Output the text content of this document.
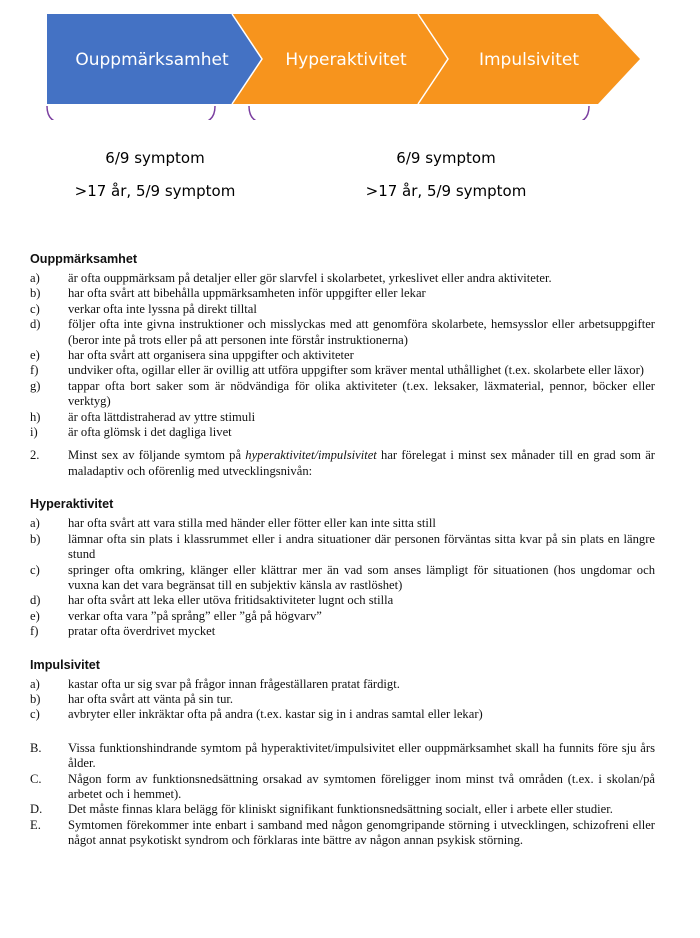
Ouppmärksamhet	Hyperaktivitet	Impulsivitet
6/9 symptom
>17 år, 5/9 symptom
6/9 symptom
>17 år, 5/9 symptom
Ouppmärksamhet
a)	är ofta ouppmärksam på detaljer eller gör slarvfel i skolarbetet, yrkeslivet eller andra aktiviteter.
b)	har ofta svårt att bibehålla uppmärksamheten inför uppgifter eller lekar
c)	verkar ofta inte lyssna på direkt tilltal
d)	följer ofta inte givna instruktioner och misslyckas med att genomföra skolarbete, hemsysslor eller arbetsuppgifter (beror inte på trots eller på att personen inte förstår instruktionerna)
e)	har ofta svårt att organisera sina uppgifter och aktiviteter
f)	undviker ofta, ogillar eller är ovillig att utföra uppgifter som kräver mental uthållighet (t.ex. skolarbete eller läxor)
g)	tappar ofta bort saker som är nödvändiga för olika aktiviteter (t.ex. leksaker, läxmaterial, pennor, böcker eller verktyg)
h)	är ofta lättdistraherad av yttre stimuli
i)	är ofta glömsk i det dagliga livet
2.	Minst sex av följande symtom på hyperaktivitet/impulsivitet har förelegat i minst sex månader till en grad som är maladaptiv och oförenlig med utvecklingsnivån:
Hyperaktivitet
a)	har ofta svårt att vara stilla med händer eller fötter eller kan inte sitta still
b)	lämnar ofta sin plats i klassrummet eller i andra situationer där personen förväntas sitta kvar på sin plats en längre stund
c)	springer ofta omkring, klänger eller klättrar mer än vad som anses lämpligt för situationen (hos ungdomar och vuxna kan det vara begränsat till en subjektiv känsla av rastlöshet)
d)	har ofta svårt att leka eller utöva fritidsaktiviteter lugnt och stilla
e)	verkar ofta vara ”på språng” eller ”gå på högvarv”
f)	pratar ofta överdrivet mycket
Impulsivitet
a)	kastar ofta ur sig svar på frågor innan frågeställaren pratat färdigt.
b)	har ofta svårt att vänta på sin tur.
c)	avbryter eller inkräktar ofta på andra (t.ex. kastar sig in i andras samtal eller lekar)
B.	Vissa funktionshindrande symtom på hyperaktivitet/impulsivitet eller ouppmärksamhet skall ha funnits före sju års ålder.
C.	Någon form av funktionsnedsättning orsakad av symtomen föreligger inom minst två områden (t.ex. i skolan/på arbetet och i hemmet).
D.	Det måste finnas klara belägg för kliniskt signifikant funktionsnedsättning socialt, eller i arbete eller studier.
E.	Symtomen förekommer inte enbart i samband med någon genomgripande störning i utvecklingen, schizofreni eller något annat psykotiskt syndrom och förklaras inte bättre av någon annan psykisk störning.
